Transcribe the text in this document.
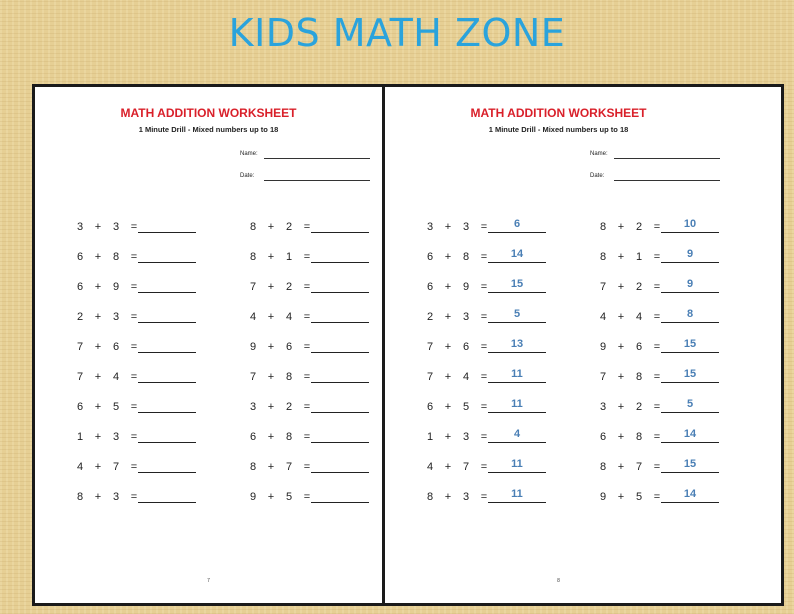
KIDS MATH ZONE
MATH ADDITION WORKSHEET
1 Minute Drill - Mixed numbers up to 18
Name:
Date:
3 + 3 =
6 + 8 =
6 + 9 =
2 + 3 =
7 + 6 =
7 + 4 =
6 + 5 =
1 + 3 =
4 + 7 =
8 + 3 =
8 + 2 =
8 + 1 =
7 + 2 =
4 + 4 =
9 + 6 =
7 + 8 =
3 + 2 =
6 + 8 =
8 + 7 =
9 + 5 =
7
MATH ADDITION WORKSHEET
1 Minute Drill - Mixed numbers up to 18
Name:
Date:
3 + 3 =	6
6 + 8 =	14
6 + 9 =	15
2 + 3 =	5
7 + 6 =	13
7 + 4 =	11
6 + 5 =	11
1 + 3 =	4
4 + 7 =	11
8 + 3 =	11
8 + 2 =	10
8 + 1 =	9
7 + 2 =	9
4 + 4 =	8
9 + 6 =	15
7 + 8 =	15
3 + 2 =	5
6 + 8 =	14
8 + 7 =	15
9 + 5 =	14
8
